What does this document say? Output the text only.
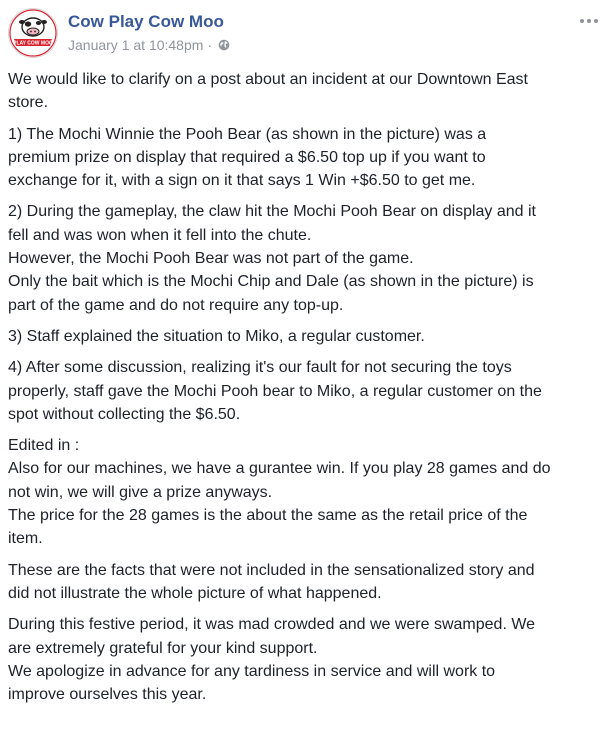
PLAY COW MOO
Cow Play Cow Moo
January 1 at 10:48pm ·
We would like to clarify on a post about an incident at our Downtown East
store.
1) The Mochi Winnie the Pooh Bear (as shown in the picture) was a
premium prize on display that required a $6.50 top up if you want to
exchange for it, with a sign on it that says 1 Win +$6.50 to get me.
2) During the gameplay, the claw hit the Mochi Pooh Bear on display and it
fell and was won when it fell into the chute.
However, the Mochi Pooh Bear was not part of the game.
Only the bait which is the Mochi Chip and Dale (as shown in the picture) is
part of the game and do not require any top-up.
3) Staff explained the situation to Miko, a regular customer.
4) After some discussion, realizing it's our fault for not securing the toys
properly, staff gave the Mochi Pooh bear to Miko, a regular customer on the
spot without collecting the $6.50.
Edited in :
Also for our machines, we have a gurantee win. If you play 28 games and do
not win, we will give a prize anyways.
The price for the 28 games is the about the same as the retail price of the
item.
These are the facts that were not included in the sensationalized story and
did not illustrate the whole picture of what happened.
During this festive period, it was mad crowded and we were swamped. We
are extremely grateful for your kind support.
We apologize in advance for any tardiness in service and will work to
improve ourselves this year.
